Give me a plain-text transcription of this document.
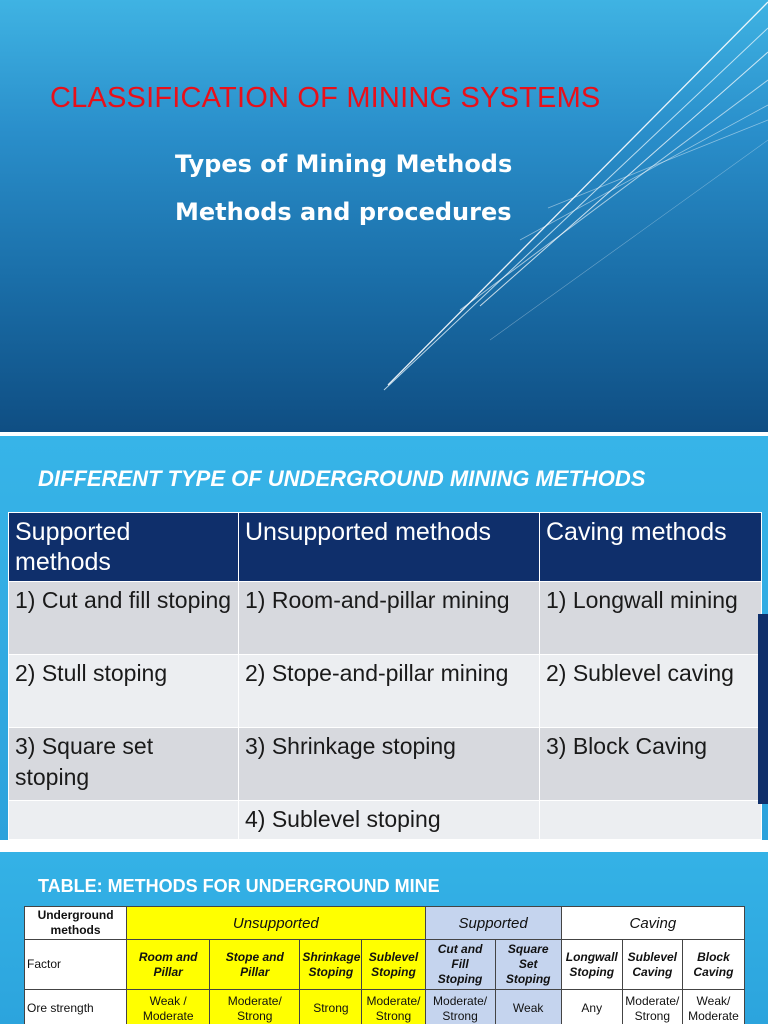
CLASSIFICATION OF MINING SYSTEMS
Types of Mining Methods
Methods and procedures
DIFFERENT TYPE OF UNDERGROUND MINING METHODS
Supported methods	Unsupported methods	Caving methods
1) Cut and fill stoping	1) Room-and-pillar mining	1) Longwall mining
2) Stull stoping	2) Stope-and-pillar mining	2) Sublevel caving
3) Square set stoping	3) Shrinkage stoping	3) Block Caving
	4) Sublevel stoping	
TABLE: METHODS FOR UNDERGROUND MINE
Underground methods	Unsupported				Supported		Caving		
Factor	Room and Pillar	Stope and Pillar	Shrinkage Stoping	Sublevel Stoping	Cut and Fill Stoping	Square Set Stoping	Longwall Stoping	Sublevel Caving	Block Caving
Ore strength	Weak / Moderate	Moderate/ Strong	Strong	Moderate/ Strong	Moderate/ Strong	Weak	Any	Moderate/ Strong	Weak/ Moderate
